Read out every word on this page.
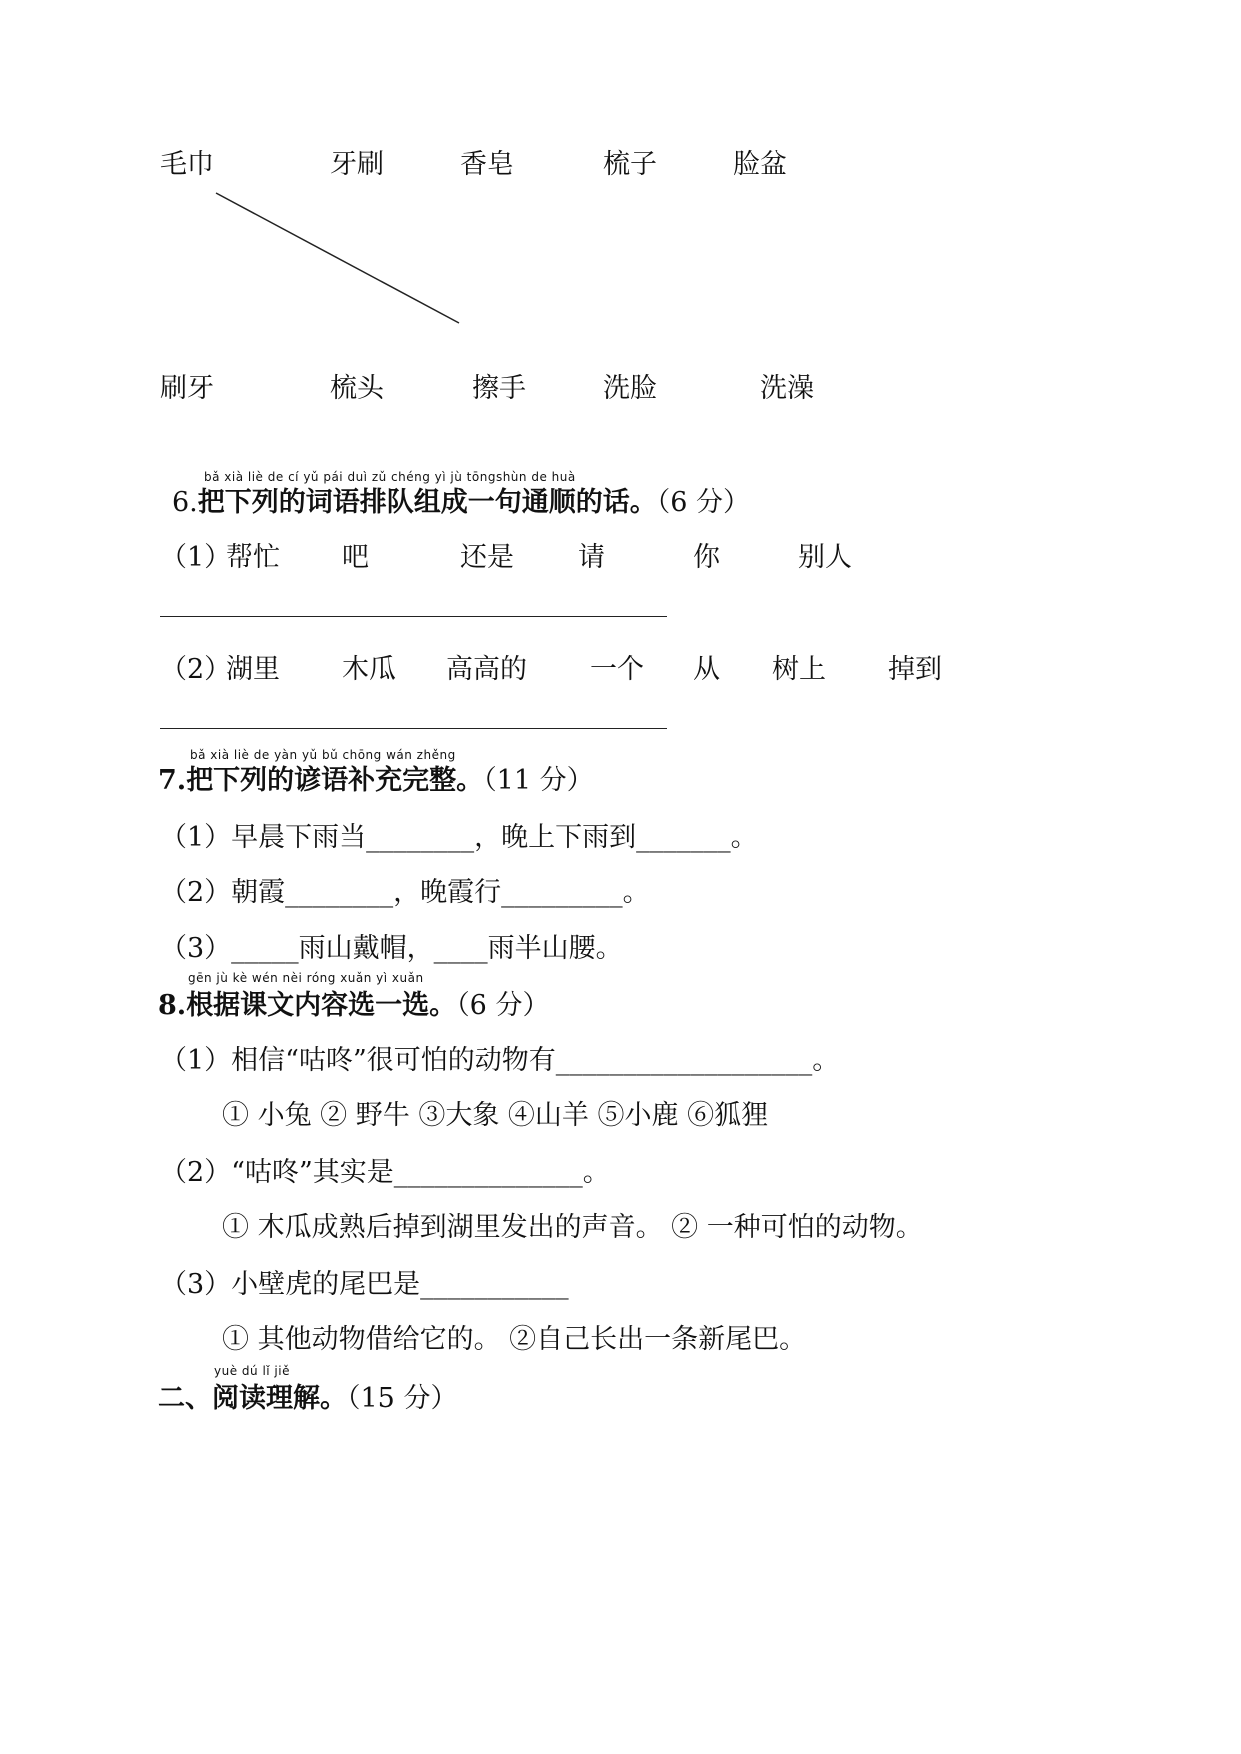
毛巾	牙刷	香皂	梳子	脸盆
刷牙	梳头	擦手	洗脸	洗澡
bǎ xià liè de cí yǔ pái duì zǔ chéng yì jù tōngshùn de huà
6.把下列的词语排队组成一句通顺的话。（6 分）
（1）
帮忙 吧	还是 请	你	别人
（2）
湖里 木瓜 高高的 一个 从 树上 掉到
bǎ xià liè de yàn yǔ bǔ chōng wán zhěng
7.把下列的谚语补充完整。（11 分）
（1）早晨下雨当________，晚上下雨到_______。
（2）朝霞________，晚霞行_________。
（3）_____雨山戴帽，____雨半山腰。
gēn jù kè wén nèi róng xuǎn yì xuǎn
8.根据课文内容选一选。（6 分）
（1）相信“咕咚”很可怕的动物有___________________。
① 小兔 ② 野牛 ③大象 ④山羊 ⑤小鹿 ⑥狐狸
（2）“咕咚”其实是______________。
① 木瓜成熟后掉到湖里发出的声音。 ② 一种可怕的动物。
（3）小壁虎的尾巴是___________
① 其他动物借给它的。 ②自己长出一条新尾巴。
yuè dú lǐ jiě
二、阅读理解。（15 分）
